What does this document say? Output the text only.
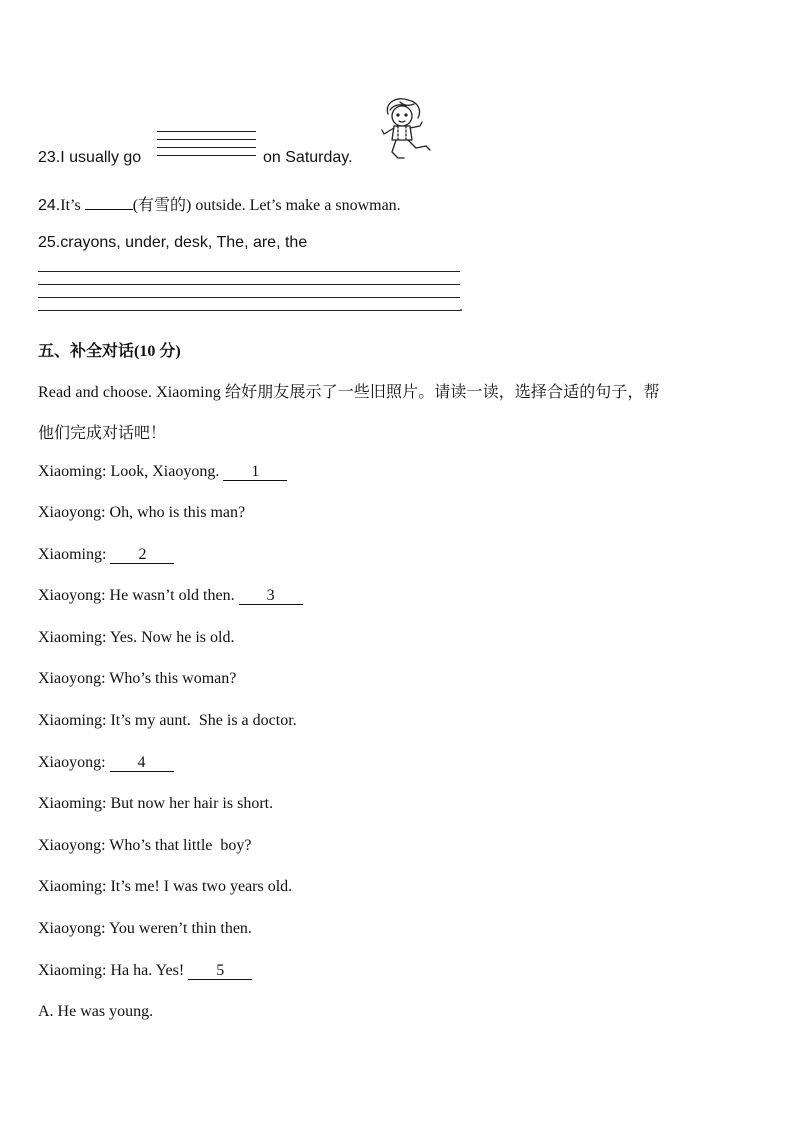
23.I usually go	on Saturday.
24.It’s	(有雪的) outside. Let’s make a snowman.
25.crayons, under, desk, The, are, the
.
五、补全对话(10 分)
Read and choose. Xiaoming 给好朋友展示了一些旧照片。请读一读，选择合适的句子，帮
他们完成对话吧！
Xiaoming: Look, Xiaoyong. 1
Xiaoyong: Oh, who is this man?
Xiaoming: 2
Xiaoyong: He wasn’t old then. 3
Xiaoming: Yes. Now he is old.
Xiaoyong: Who’s this woman?
Xiaoming: It’s my aunt.  She is a doctor.
Xiaoyong: 4
Xiaoming: But now her hair is short.
Xiaoyong: Who’s that little  boy?
Xiaoming: It’s me! I was two years old.
Xiaoyong: You weren’t thin then.
Xiaoming: Ha ha. Yes! 5
A. He was young.
